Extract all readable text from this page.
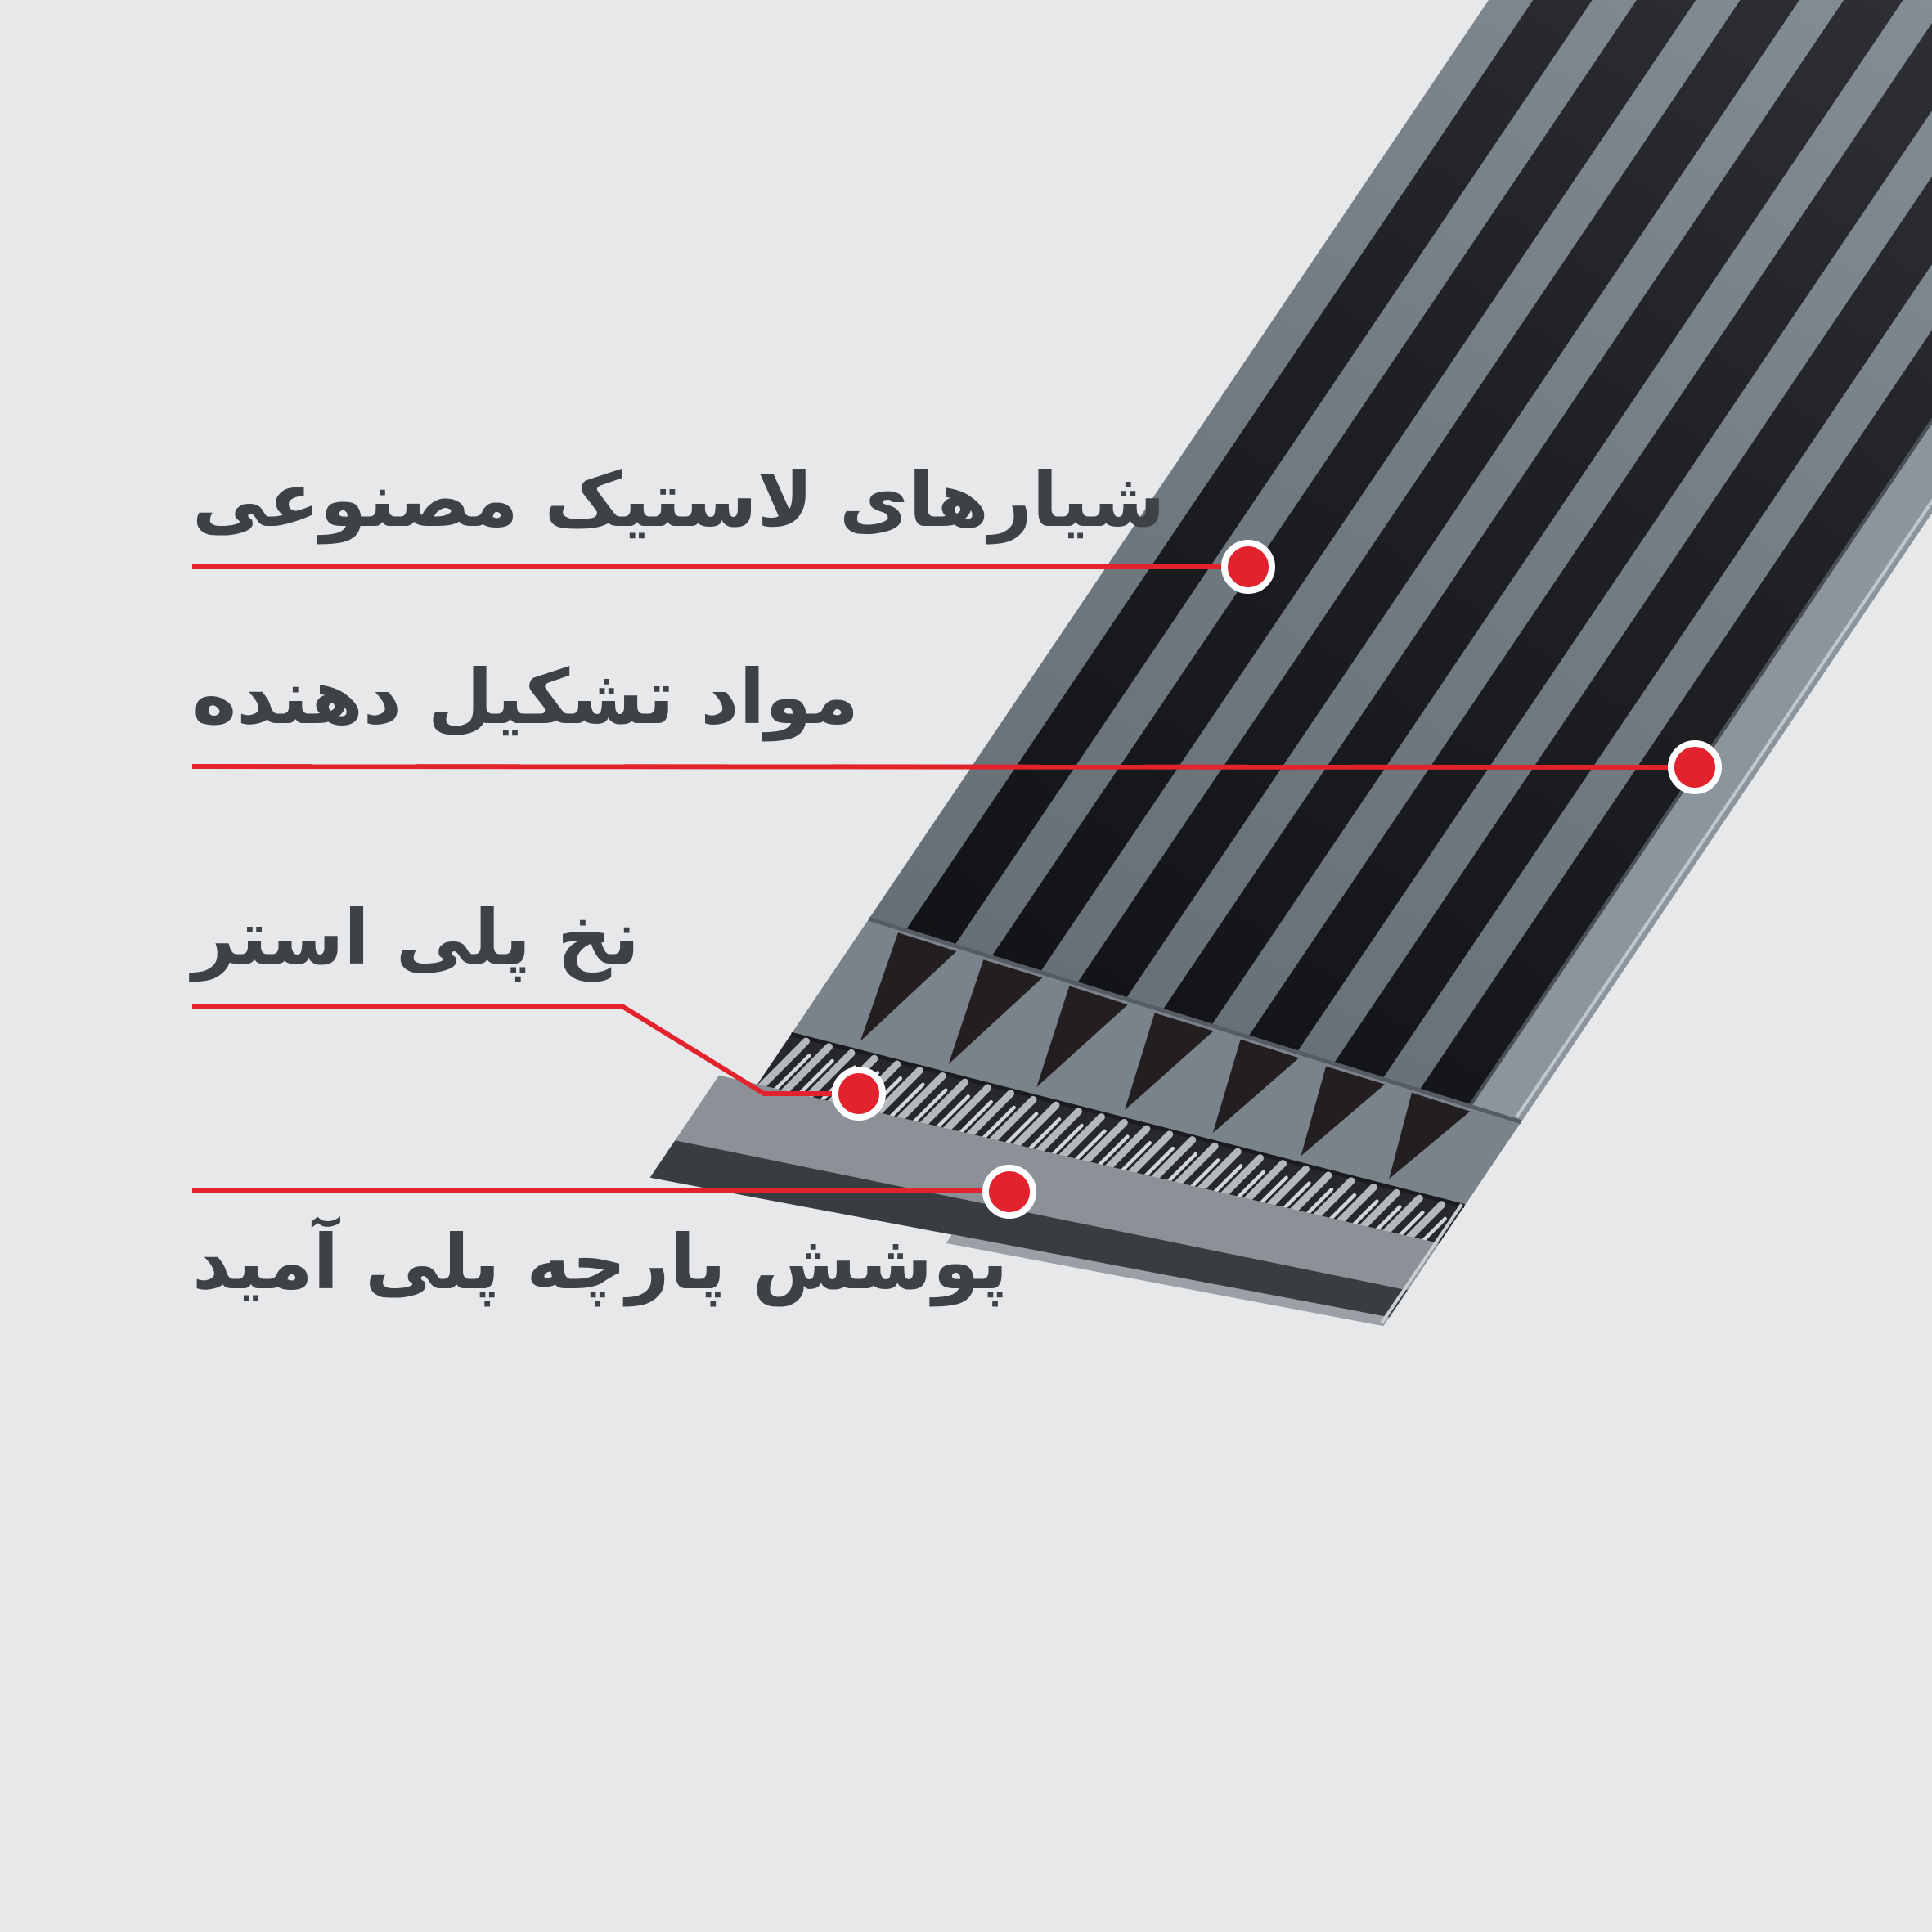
شیارهای لاستیک مصنوعی
مواد تشکیل دهنده
نخ پلی استر
پوشش پارچه پلی آمید
